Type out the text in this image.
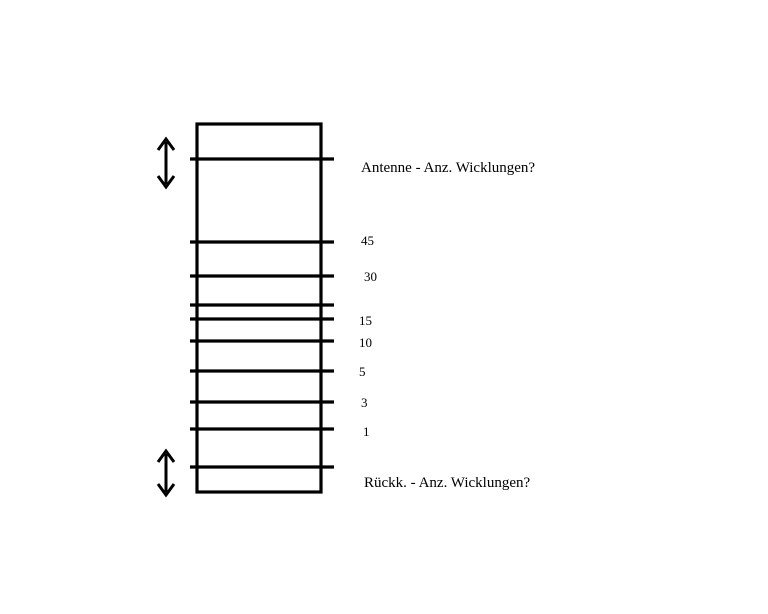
Antenne - Anz. Wicklungen?
45
30
15
10
5
3
1
Rückk. - Anz. Wicklungen?
